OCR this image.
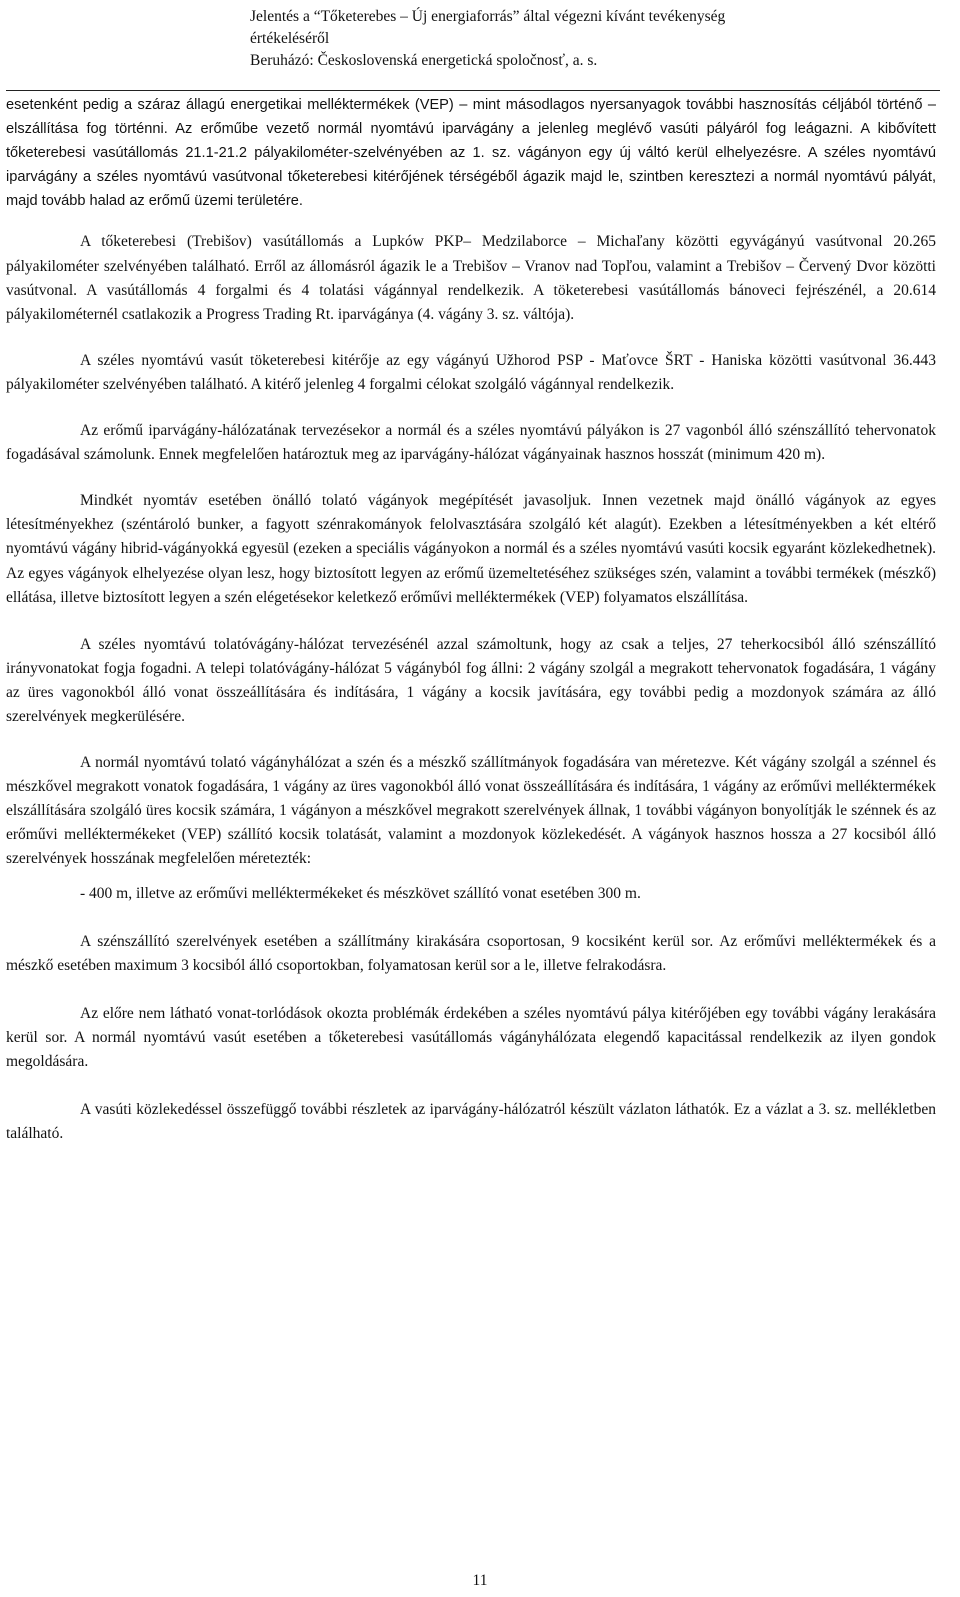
Jelentés a “Tőketerebes – Új energiaforrás” által végezni kívánt tevékenység
értékeléséről
Beruházó: Československá energetická spoločnosť, a. s.

esetenként pedig a száraz állagú energetikai melléktermékek (VEP) – mint másodlagos nyersanyagok további hasznosítás céljából történő – elszállítása fog történni. Az erőműbe vezető normál nyomtávú iparvágány a jelenleg meglévő vasúti pályáról fog leágazni. A kibővített tőketerebesi vasútállomás 21.1-21.2 pályakilométer-szelvényében az 1. sz. vágányon egy új váltó kerül elhelyezésre. A széles nyomtávú iparvágány a széles nyomtávú vasútvonal tőketerebesi kitérőjének térségéből ágazik majd le, szintben keresztezi a normál nyomtávú pályát, majd tovább halad az erőmű üzemi területére.

A tőketerebesi (Trebišov) vasútállomás a Lupków PKP– Medzilaborce – Michaľany közötti egyvágányú vasútvonal 20.265 pályakilométer szelvényében található. Erről az állomásról ágazik le a Trebišov – Vranov nad Topľou, valamint a Trebišov – Červený Dvor közötti vasútvonal. A vasútállomás 4 forgalmi és 4 tolatási vágánnyal rendelkezik. A töketerebesi vasútállomás bánoveci fejrészénél, a 20.614 pályakilométernél csatlakozik a Progress Trading Rt. iparvágánya (4. vágány 3. sz. váltója).

A széles nyomtávú vasút töketerebesi kitérője az egy vágányú Užhorod PSP - Maťovce ŠRT - Haniska közötti vasútvonal 36.443 pályakilométer szelvényében található. A kitérő jelenleg 4 forgalmi célokat szolgáló vágánnyal rendelkezik.

Az erőmű iparvágány-hálózatának tervezésekor a normál és a széles nyomtávú pályákon is 27 vagonból álló szénszállító tehervonatok fogadásával számolunk. Ennek megfelelően határoztuk meg az iparvágány-hálózat vágányainak hasznos hosszát (minimum 420 m).

Mindkét nyomtáv esetében önálló tolató vágányok megépítését javasoljuk. Innen vezetnek majd önálló vágányok az egyes létesítményekhez (széntároló bunker, a fagyott szénrakományok felolvasztására szolgáló két alagút). Ezekben a létesítményekben a két eltérő nyomtávú vágány hibrid-vágányokká egyesül (ezeken a speciális vágányokon a normál és a széles nyomtávú vasúti kocsik egyaránt közlekedhetnek). Az egyes vágányok elhelyezése olyan lesz, hogy biztosított legyen az erőmű üzemeltetéséhez szükséges szén, valamint a további termékek (mészkő) ellátása, illetve biztosított legyen a szén elégetésekor keletkező erőművi melléktermékek (VEP) folyamatos elszállítása.

A széles nyomtávú tolatóvágány-hálózat tervezésénél azzal számoltunk, hogy az csak a teljes, 27 teherkocsiból álló szénszállító irányvonatokat fogja fogadni. A telepi tolatóvágány-hálózat 5 vágányból fog állni: 2 vágány szolgál a megrakott tehervonatok fogadására, 1 vágány az üres vagonokból álló vonat összeállítására és indítására, 1 vágány a kocsik javítására, egy további pedig a mozdonyok számára az álló szerelvények megkerülésére.

A normál nyomtávú tolató vágányhálózat a szén és a mészkő szállítmányok fogadására van méretezve. Két vágány szolgál a szénnel és mészkővel megrakott vonatok fogadására, 1 vágány az üres vagonokból álló vonat összeállítására és indítására, 1 vágány az erőművi melléktermékek elszállítására szolgáló üres kocsik számára, 1 vágányon a mészkővel megrakott szerelvények állnak, 1 további vágányon bonyolítják le szénnek és az erőművi melléktermékeket (VEP) szállító kocsik tolatását, valamint a mozdonyok közlekedését. A vágányok hasznos hossza a 27 kocsiból álló szerelvények hosszának megfelelően méretezték:

- 400 m, illetve az erőművi melléktermékeket és mészkövet szállító vonat esetében 300 m.

A szénszállító szerelvények esetében a szállítmány kirakására csoportosan, 9 kocsiként kerül sor. Az erőművi melléktermékek és a mészkő esetében maximum 3 kocsiból álló csoportokban, folyamatosan kerül sor a le, illetve felrakodásra.

Az előre nem látható vonat-torlódások okozta problémák érdekében a széles nyomtávú pálya kitérőjében egy további vágány lerakására kerül sor. A normál nyomtávú vasút esetében a tőketerebesi vasútállomás vágányhálózata elegendő kapacitással rendelkezik az ilyen gondok megoldására.

A vasúti közlekedéssel összefüggő további részletek az iparvágány-hálózatról készült vázlaton láthatók. Ez a vázlat a 3. sz. mellékletben található.

11
